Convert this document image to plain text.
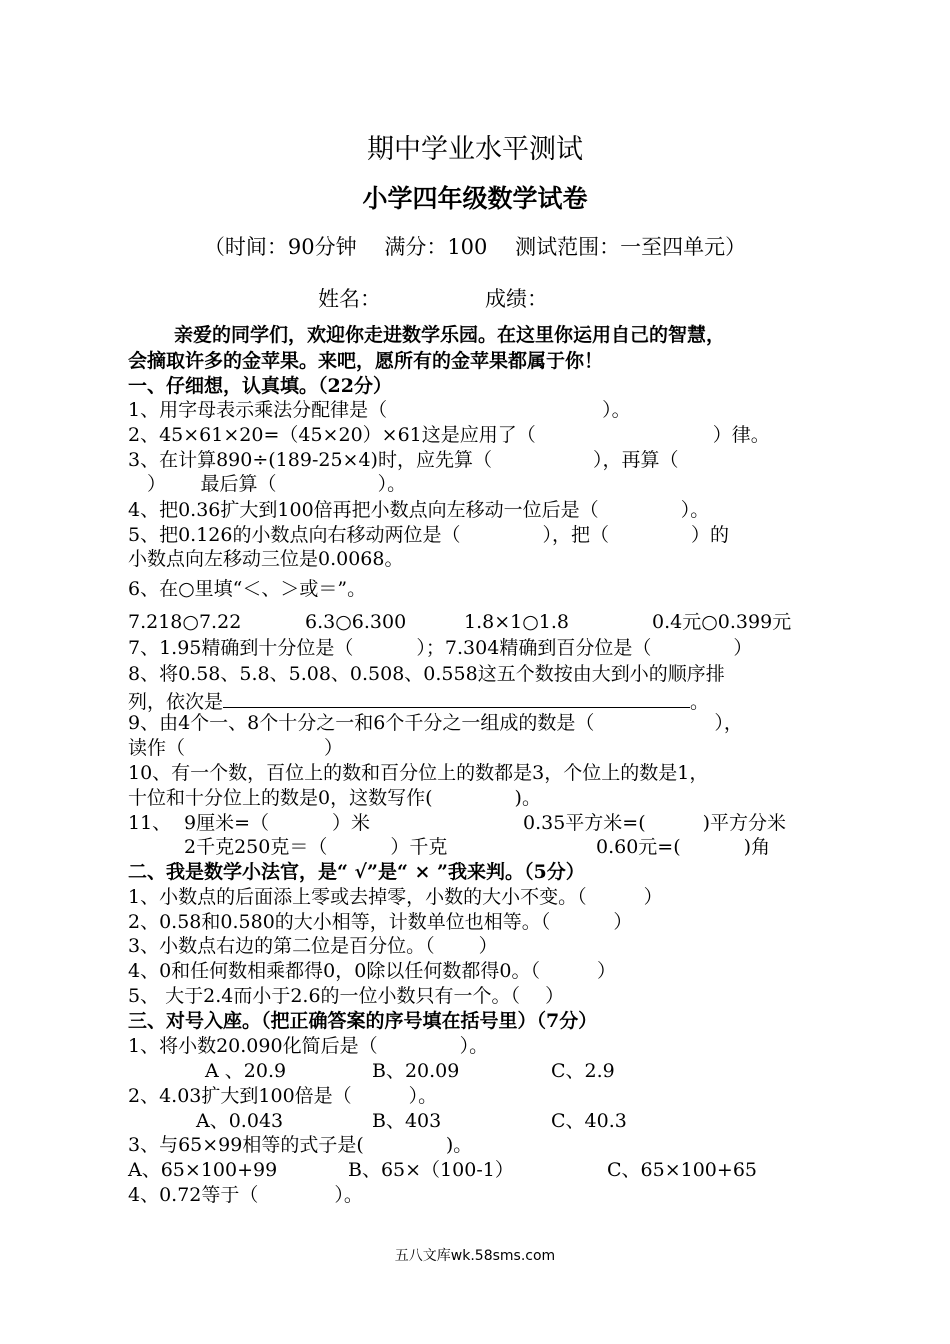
期中学业水平测试
小学四年级数学试卷
（时间：90分钟　 满分：100　 测试范围：一至四单元）
姓名：	成绩：
亲爱的同学们，欢迎你走进数学乐园。在这里你运用自己的智慧，
会摘取许多的金苹果。来吧，愿所有的金苹果都属于你！
一、仔细想，认真填。（22分）
1、用字母表示乘法分配律是（　　　　　　　　　　　 ）。
2、45×61×20=（45×20）×61这是应用了（　　　　　　　　　 ）律。
3、在计算890÷(189-25×4)时，应先算（　　　　　 ），再算（
　）　　 最后算（　　　　　 ）。
4、把0.36扩大到100倍再把小数点向左移动一位后是（　　　　 ）。
5、把0.126的小数点向右移动两位是（　　　　 ），把（　　　　 ）的
小数点向左移动三位是0.0068。
6、在○里填“＜、＞或＝”。
7.218○7.22	6.3○6.300	1.8×1○1.8	0.4元○0.399元
7、1.95精确到十分位是（　　　 ）；7.304精确到百分位是（　　　　 ）
8、将0.58、5.8、5.08、0.508、0.558这五个数按由大到小的顺序排
列，依次是	。
9、由4个一、8个十分之一和6个千分之一组成的数是（　　　　　　 ），
读作（　　　　　　　 ）
10、有一个数，百位上的数和百分位上的数都是3，个位上的数是1，
十位和十分位上的数是0，这数写作(　　　　 )。
11、 9厘米=（　　　 ）米	0.35平方米=(　　　)平方分米
2千克250克＝（　　　 ）千克	0.60元=(　　　 )角
二、我是数学小法官，是“ √”是“ × ”我来判。（5分）
1、小数点的后面添上零或去掉零，小数的大小不变。（　　　）
2、0.58和0.580的大小相等，计数单位也相等。（　　　 ）
3、小数点右边的第二位是百分位。（　　 ）
4、0和任何数相乘都得0，0除以任何数都得0。（　　　）
5、 大于2.4而小于2.6的一位小数只有一个。（　 ）
三、对号入座。（把正确答案的序号填在括号里）（7分）
1、将小数20.090化简后是（　　　　 ）。
A 、20.9	B、20.09	C、2.9
2、4.03扩大到100倍是（　　　）。
A、0.043	B、403	C、40.3
3、与65×99相等的式子是(　　　　 )。
A、65×100+99	B、65×（100-1）	C、65×100+65
4、0.72等于（　　　　）。
五八文库wk.58sms.com
